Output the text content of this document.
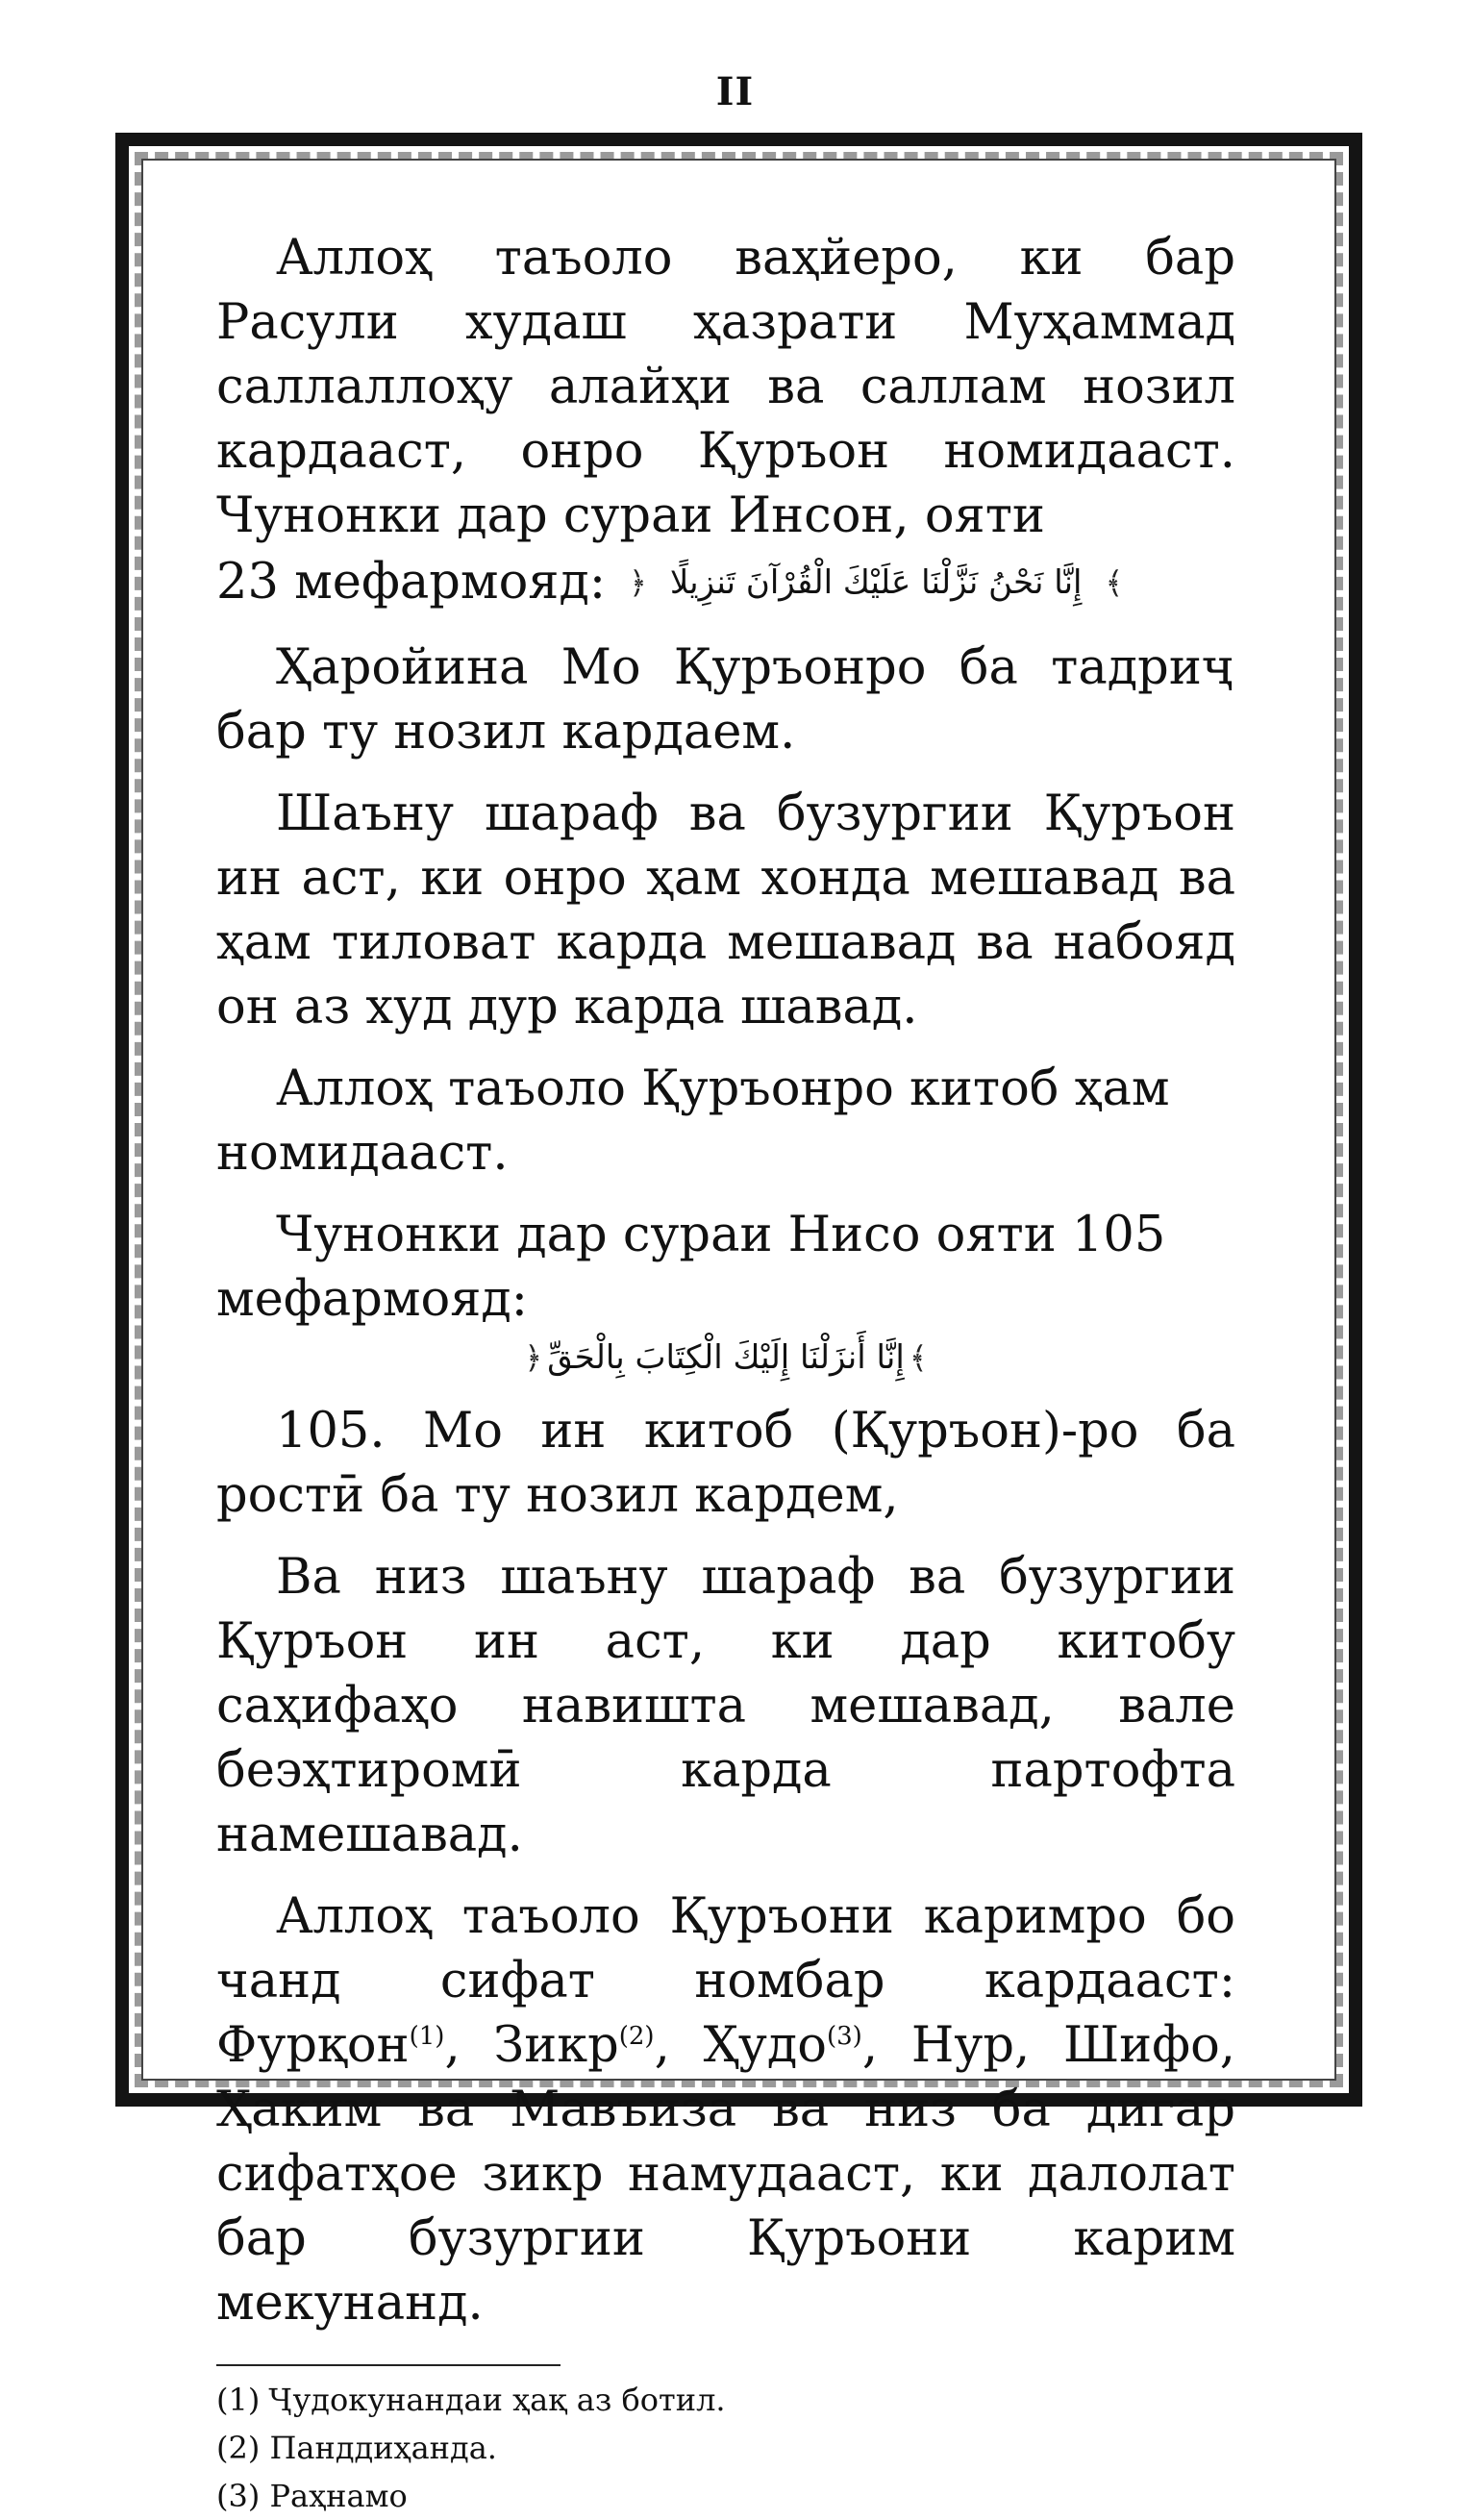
II

Аллоҳ таъоло ваҳйеро, ки бар Расули худаш ҳазрати Муҳаммад саллаллоҳу алайҳи ва саллам нозил кардааст, онро Қуръон номидааст. Чунонки дар сураи Инсон, ояти

23 мефармояд: ﴿ إِنَّا نَحْنُ نَزَّلْنَا عَلَيْكَ الْقُرْآنَ تَنزِيلًا ﴾

Ҳаройина Мо Қуръонро ба тадриҷ бар ту нозил кардаем.

Шаъну шараф ва бузургии Қуръон ин аст, ки онро ҳам хонда мешавад ва ҳам тиловат карда мешавад ва набояд он аз худ дур карда шавад.

Аллоҳ таъоло Қуръонро китоб ҳам номидааст.

Чунонки дар сураи Нисо ояти 105 мефармояд:

﴿ إِنَّا أَنزَلْنَا إِلَيْكَ الْكِتَابَ بِالْحَقِّ ﴾

105. Мо ин китоб (Қуръон)-ро ба ростӣ ба ту нозил кардем,

Ва низ шаъну шараф ва бузургии Қуръон ин аст, ки дар китобу саҳифаҳо навишта мешавад, вале беэҳтиромӣ карда партофта намешавад.

Аллоҳ таъоло Қуръони каримро бо чанд сифат номбар кардааст: Фурқон$^{(1)}$, Зикр$^{(2)}$, Ҳудо$^{(3)}$, Нур, Шифо, Ҳаким ва Мавъиза ва низ ба дигар сифатҳое зикр намудааст, ки далолат бар бузургии Қуръони карим мекунанд.

(1) Ҷудокунандаи ҳақ аз ботил.

(2) Панддиҳанда.

(3) Раҳнамо
